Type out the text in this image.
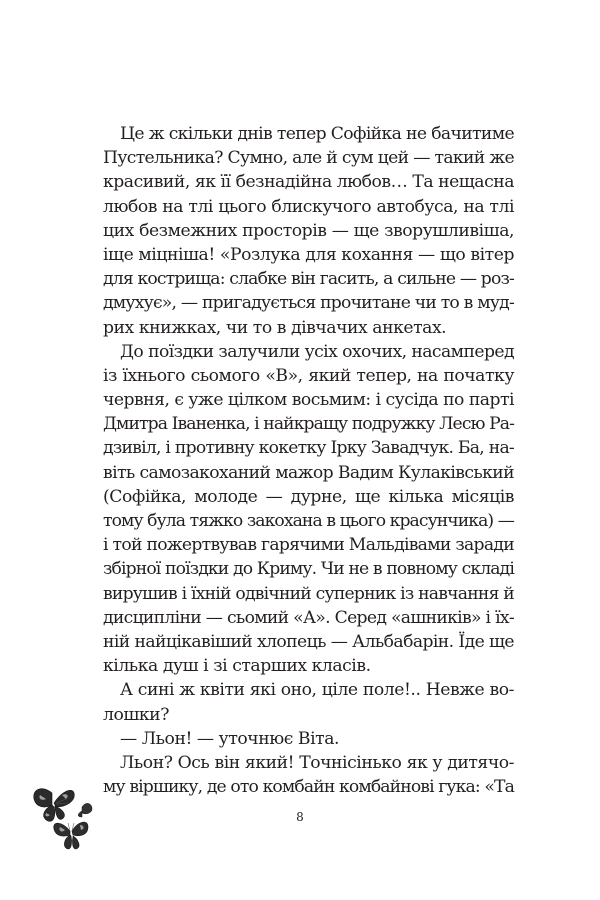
Це ж скільки днів тепер Софійка не бачитиме
Пустельника? Сумно, але й сум цей — такий же
красивий, як її безнадійна любов… Та нещасна
любов на тлі цього блискучого автобуса, на тлі
цих безмежних просторів — ще зворушливіша,
іще міцніша! «Розлука для кохання — що вітер
для кострища: слабке він гасить, а сильне — роз-
дмухує», — пригадується прочитане чи то в муд-
рих книжках, чи то в дівчачих анкетах.
До поїздки залучили усіх охочих, насамперед
із їхнього сьомого «В», який тепер, на початку
червня, є уже цілком восьмим: і сусіда по парті
Дмитра Іваненка, і найкращу подружку Лесю Ра-
дзивіл, і противну кокетку Ірку Завадчук. Ба, на-
віть самозакоханий мажор Вадим Кулаківський
(Софійка, молоде — дурне, ще кілька місяців
тому була тяжко закохана в цього красунчика) —
і той пожертвував гарячими Мальдівами заради
збірної поїздки до Криму. Чи не в повному складі
вирушив і їхній одвічний суперник із навчання й
дисципліни — сьомий «А». Серед «ашників» і їх-
ній найцікавіший хлопець — Альбабарін. Їде ще
кілька душ і зі старших класів.
А сині ж квіти які оно, ціле поле!.. Невже во-
лошки?
— Льон! — уточнює Віта.
Льон? Ось він який! Точнісінько як у дитячо-
му віршику, де ото комбайн комбайнові гука: «Та
8
